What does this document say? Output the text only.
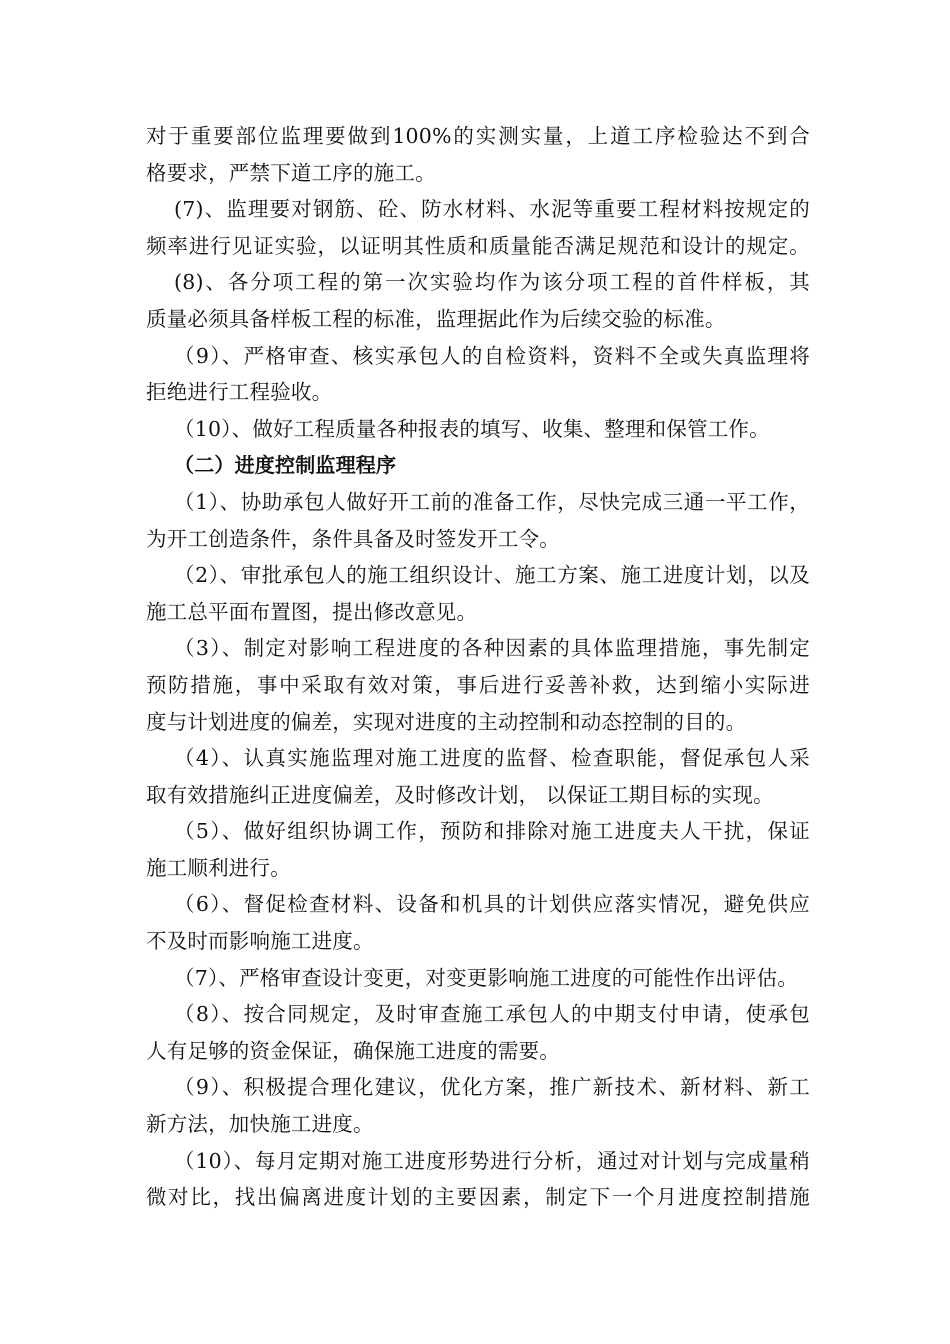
对于重要部位监理要做到100%的实测实量，上道工序检验达不到合
格要求，严禁下道工序的施工。
(7)、监理要对钢筋、砼、防水材料、水泥等重要工程材料按规定的
频率进行见证实验，以证明其性质和质量能否满足规范和设计的规定。
(8)、各分项工程的第一次实验均作为该分项工程的首件样板，其
质量必须具备样板工程的标准，监理据此作为后续交验的标准。
（9）、严格审查、核实承包人的自检资料，资料不全或失真监理将
拒绝进行工程验收。
（10）、做好工程质量各种报表的填写、收集、整理和保管工作。
（二）进度控制监理程序
（1）、协助承包人做好开工前的准备工作，尽快完成三通一平工作，
为开工创造条件，条件具备及时签发开工令。
（2）、审批承包人的施工组织设计、施工方案、施工进度计划，以及
施工总平面布置图，提出修改意见。
（3）、制定对影响工程进度的各种因素的具体监理措施，事先制定
预防措施，事中采取有效对策，事后进行妥善补救，达到缩小实际进
度与计划进度的偏差，实现对进度的主动控制和动态控制的目的。
（4）、认真实施监理对施工进度的监督、检查职能，督促承包人采
取有效措施纠正进度偏差，及时修改计划， 以保证工期目标的实现。
（5）、做好组织协调工作，预防和排除对施工进度夫人干扰，保证
施工顺利进行。
（6）、督促检查材料、设备和机具的计划供应落实情况，避免供应
不及时而影响施工进度。
（7）、严格审查设计变更，对变更影响施工进度的可能性作出评估。
（8）、按合同规定，及时审查施工承包人的中期支付申请，使承包
人有足够的资金保证，确保施工进度的需要。
（9）、积极提合理化建议，优化方案，推广新技术、新材料、新工
新方法，加快施工进度。
（10）、每月定期对施工进度形势进行分析，通过对计划与完成量稍
微对比，找出偏离进度计划的主要因素，制定下一个月进度控制措施
